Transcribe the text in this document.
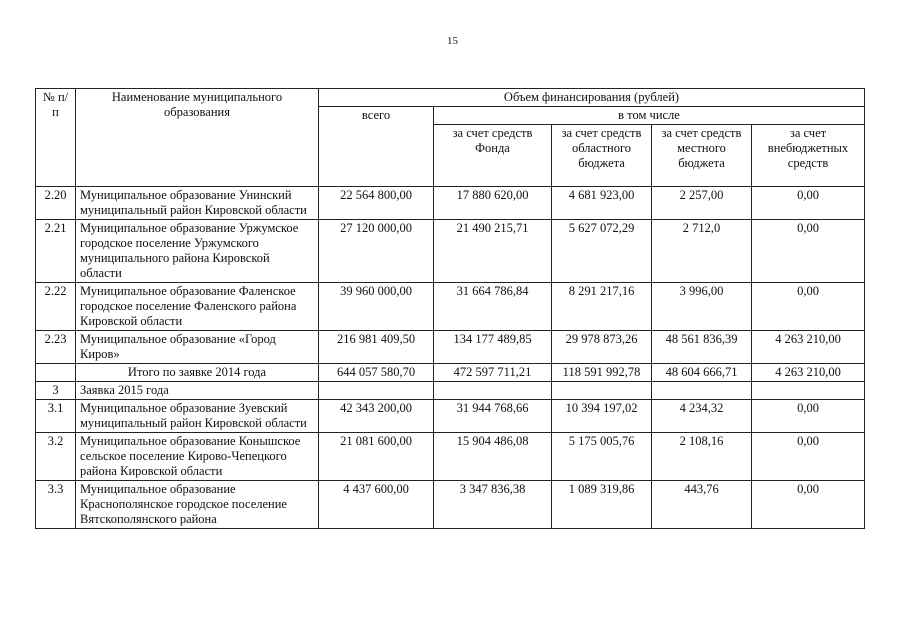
15
№ п/п	Наименование муниципального образования	Объем финансирования (рублей)				
		всего	в том числе			
			за счет средств Фонда	за счет средств областного бюджета	за счет средств местного бюджета	за счет внебюджетных средств
2.20	Муниципальное образование Унинский муниципальный район Кировской области	22 564 800,00	17 880 620,00	4 681 923,00	2 257,00	0,00
2.21	Муниципальное образование Уржумское городское поселение Уржумского муниципального района Кировской области	27 120 000,00	21 490 215,71	5 627 072,29	2 712,0	0,00
2.22	Муниципальное образование Фаленское городское поселение Фаленского района Кировской области	39 960 000,00	31 664 786,84	8 291 217,16	3 996,00	0,00
2.23	Муниципальное образование «Город Киров»	216 981 409,50	134 177 489,85	29 978 873,26	48 561 836,39	4 263 210,00
	Итого по заявке 2014 года	644 057 580,70	472 597 711,21	118 591 992,78	48 604 666,71	4 263 210,00
3	Заявка 2015 года					
3.1	Муниципальное образование Зуевский муниципальный район Кировской области	42 343 200,00	31 944 768,66	10 394 197,02	4 234,32	0,00
3.2	Муниципальное образование Конышское сельское поселение Кирово-Чепецкого района Кировской области	21 081 600,00	15 904 486,08	5 175 005,76	2 108,16	0,00
3.3	Муниципальное образование Краснополянское городское поселение Вятскополянского района	4 437 600,00	3 347 836,38	1 089 319,86	443,76	0,00
